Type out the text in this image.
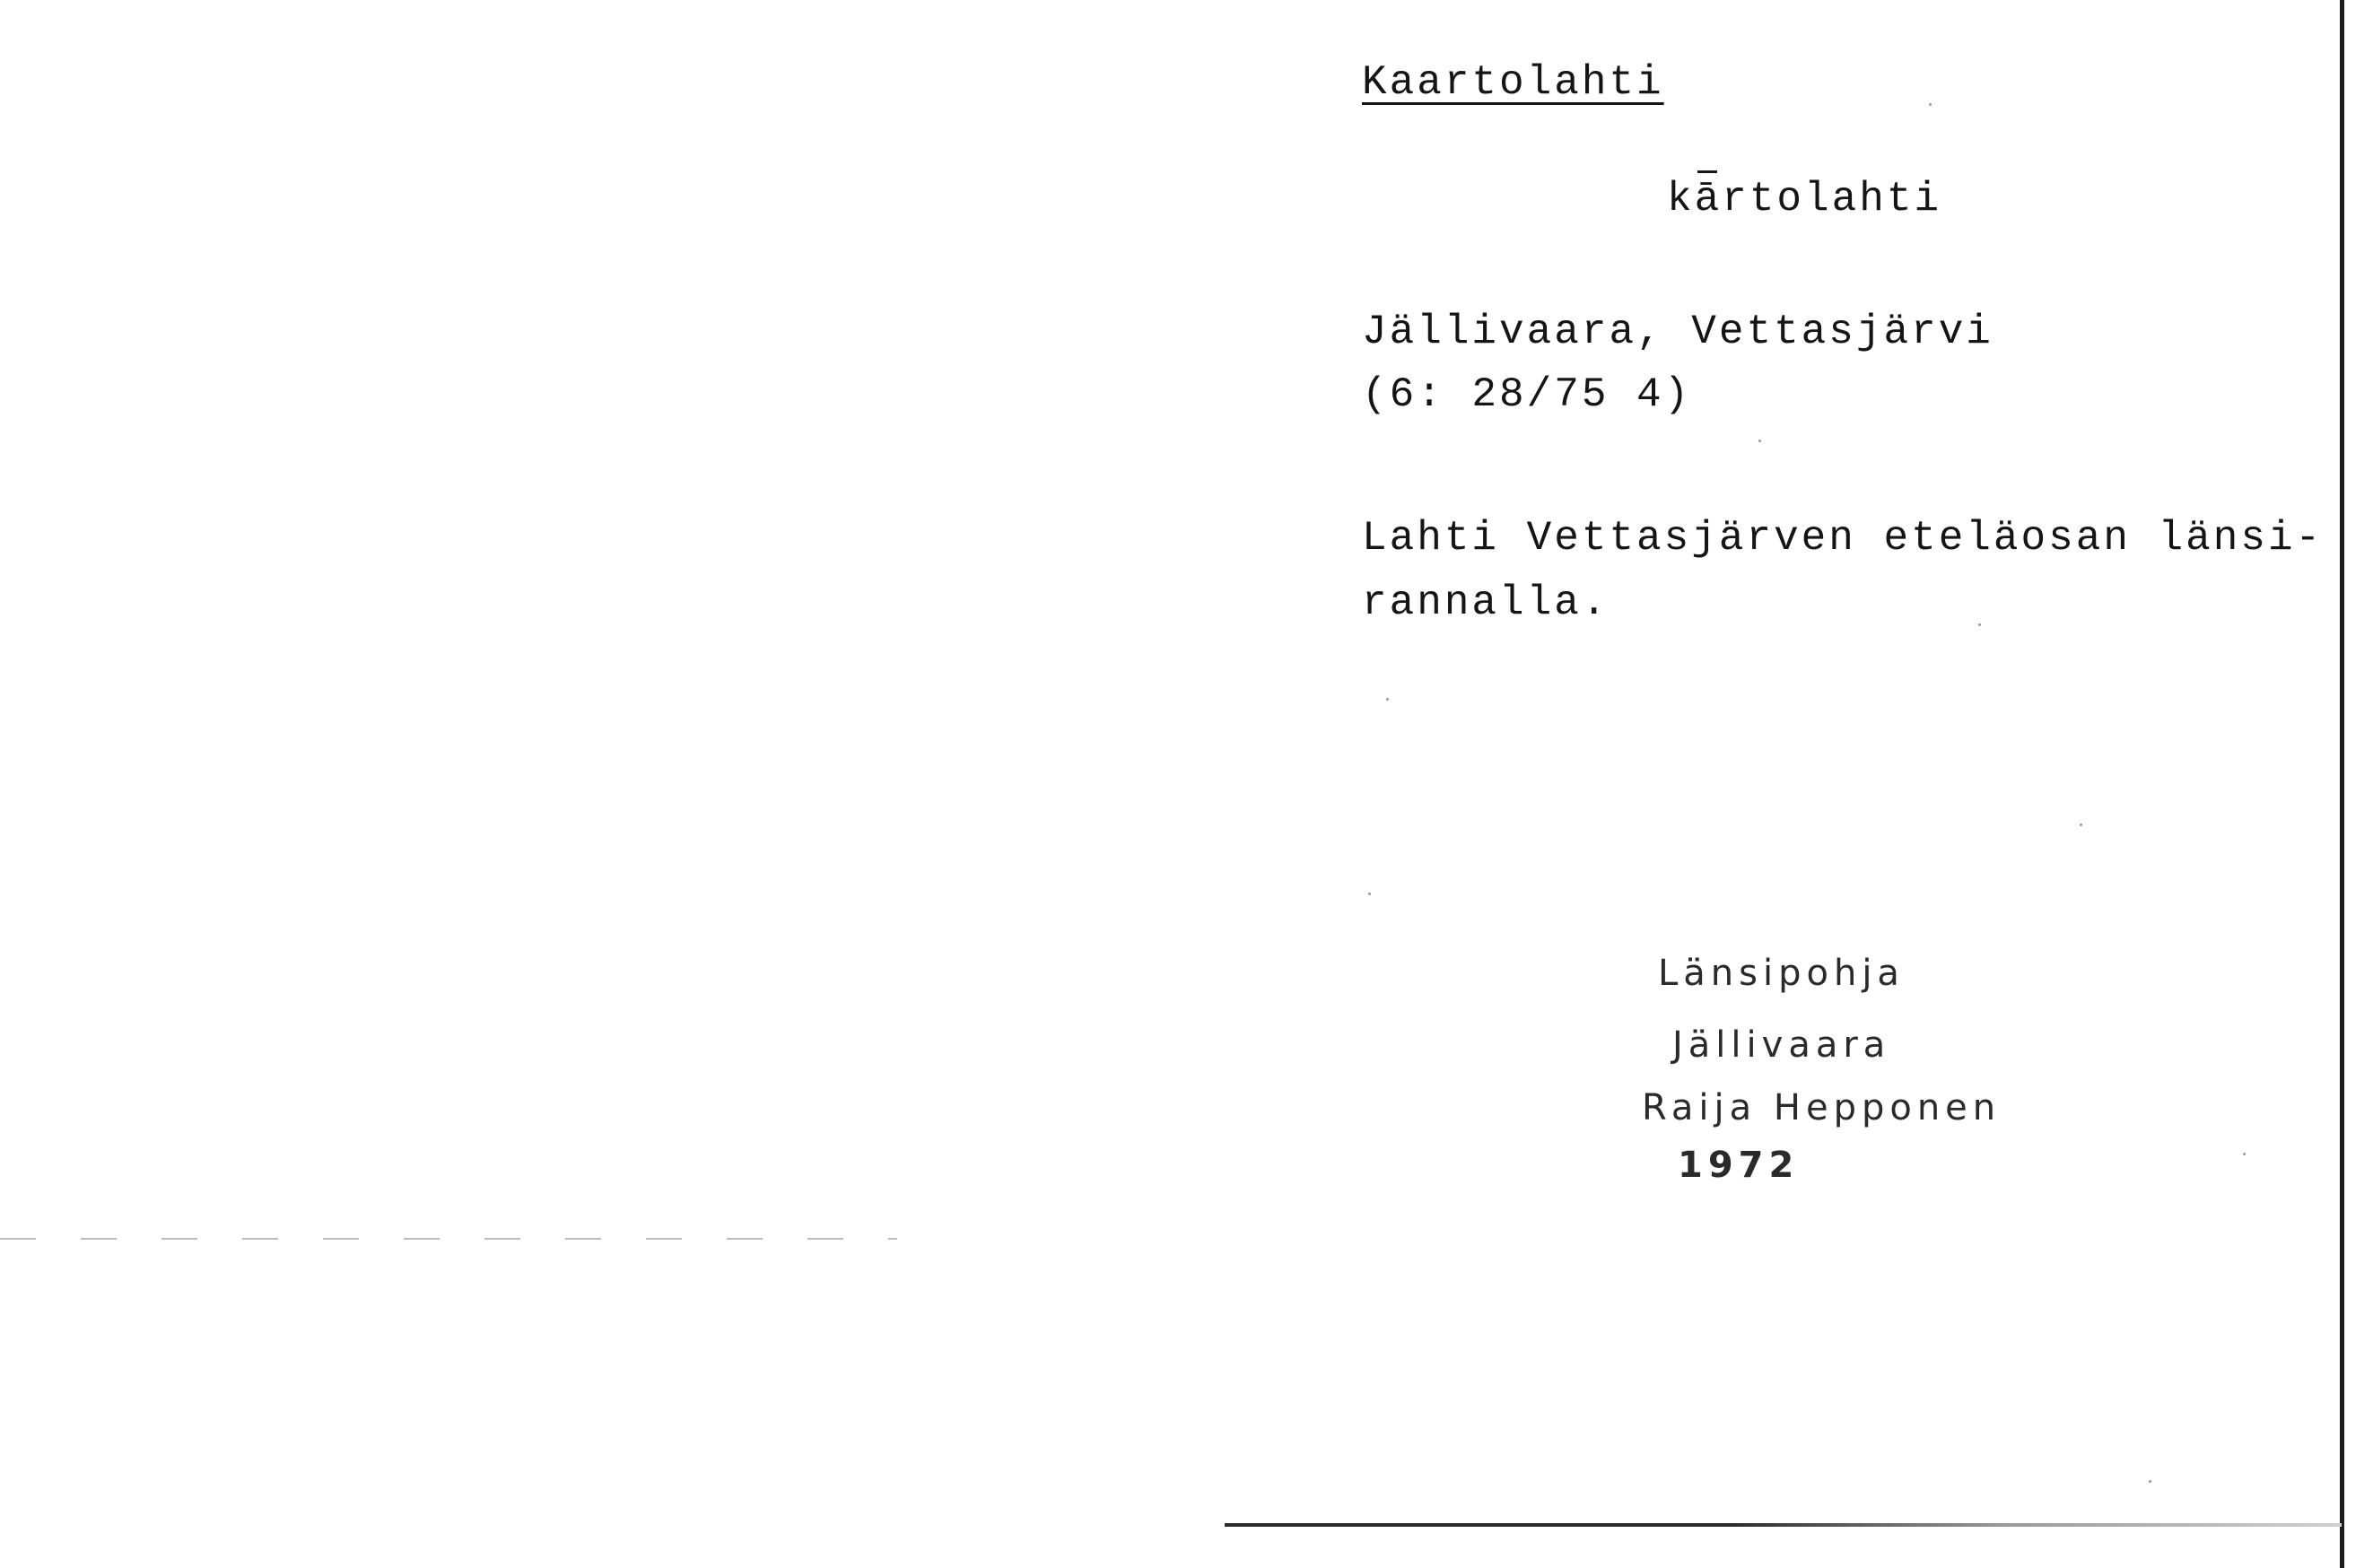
Kaartolahti
kārtolahti
Jällivaara, Vettasjärvi
(6: 28/75 4)
Lahti Vettasjärven eteläosan länsi-
rannalla.
Länsipohja
Jällivaara
Raija Hepponen
1972
